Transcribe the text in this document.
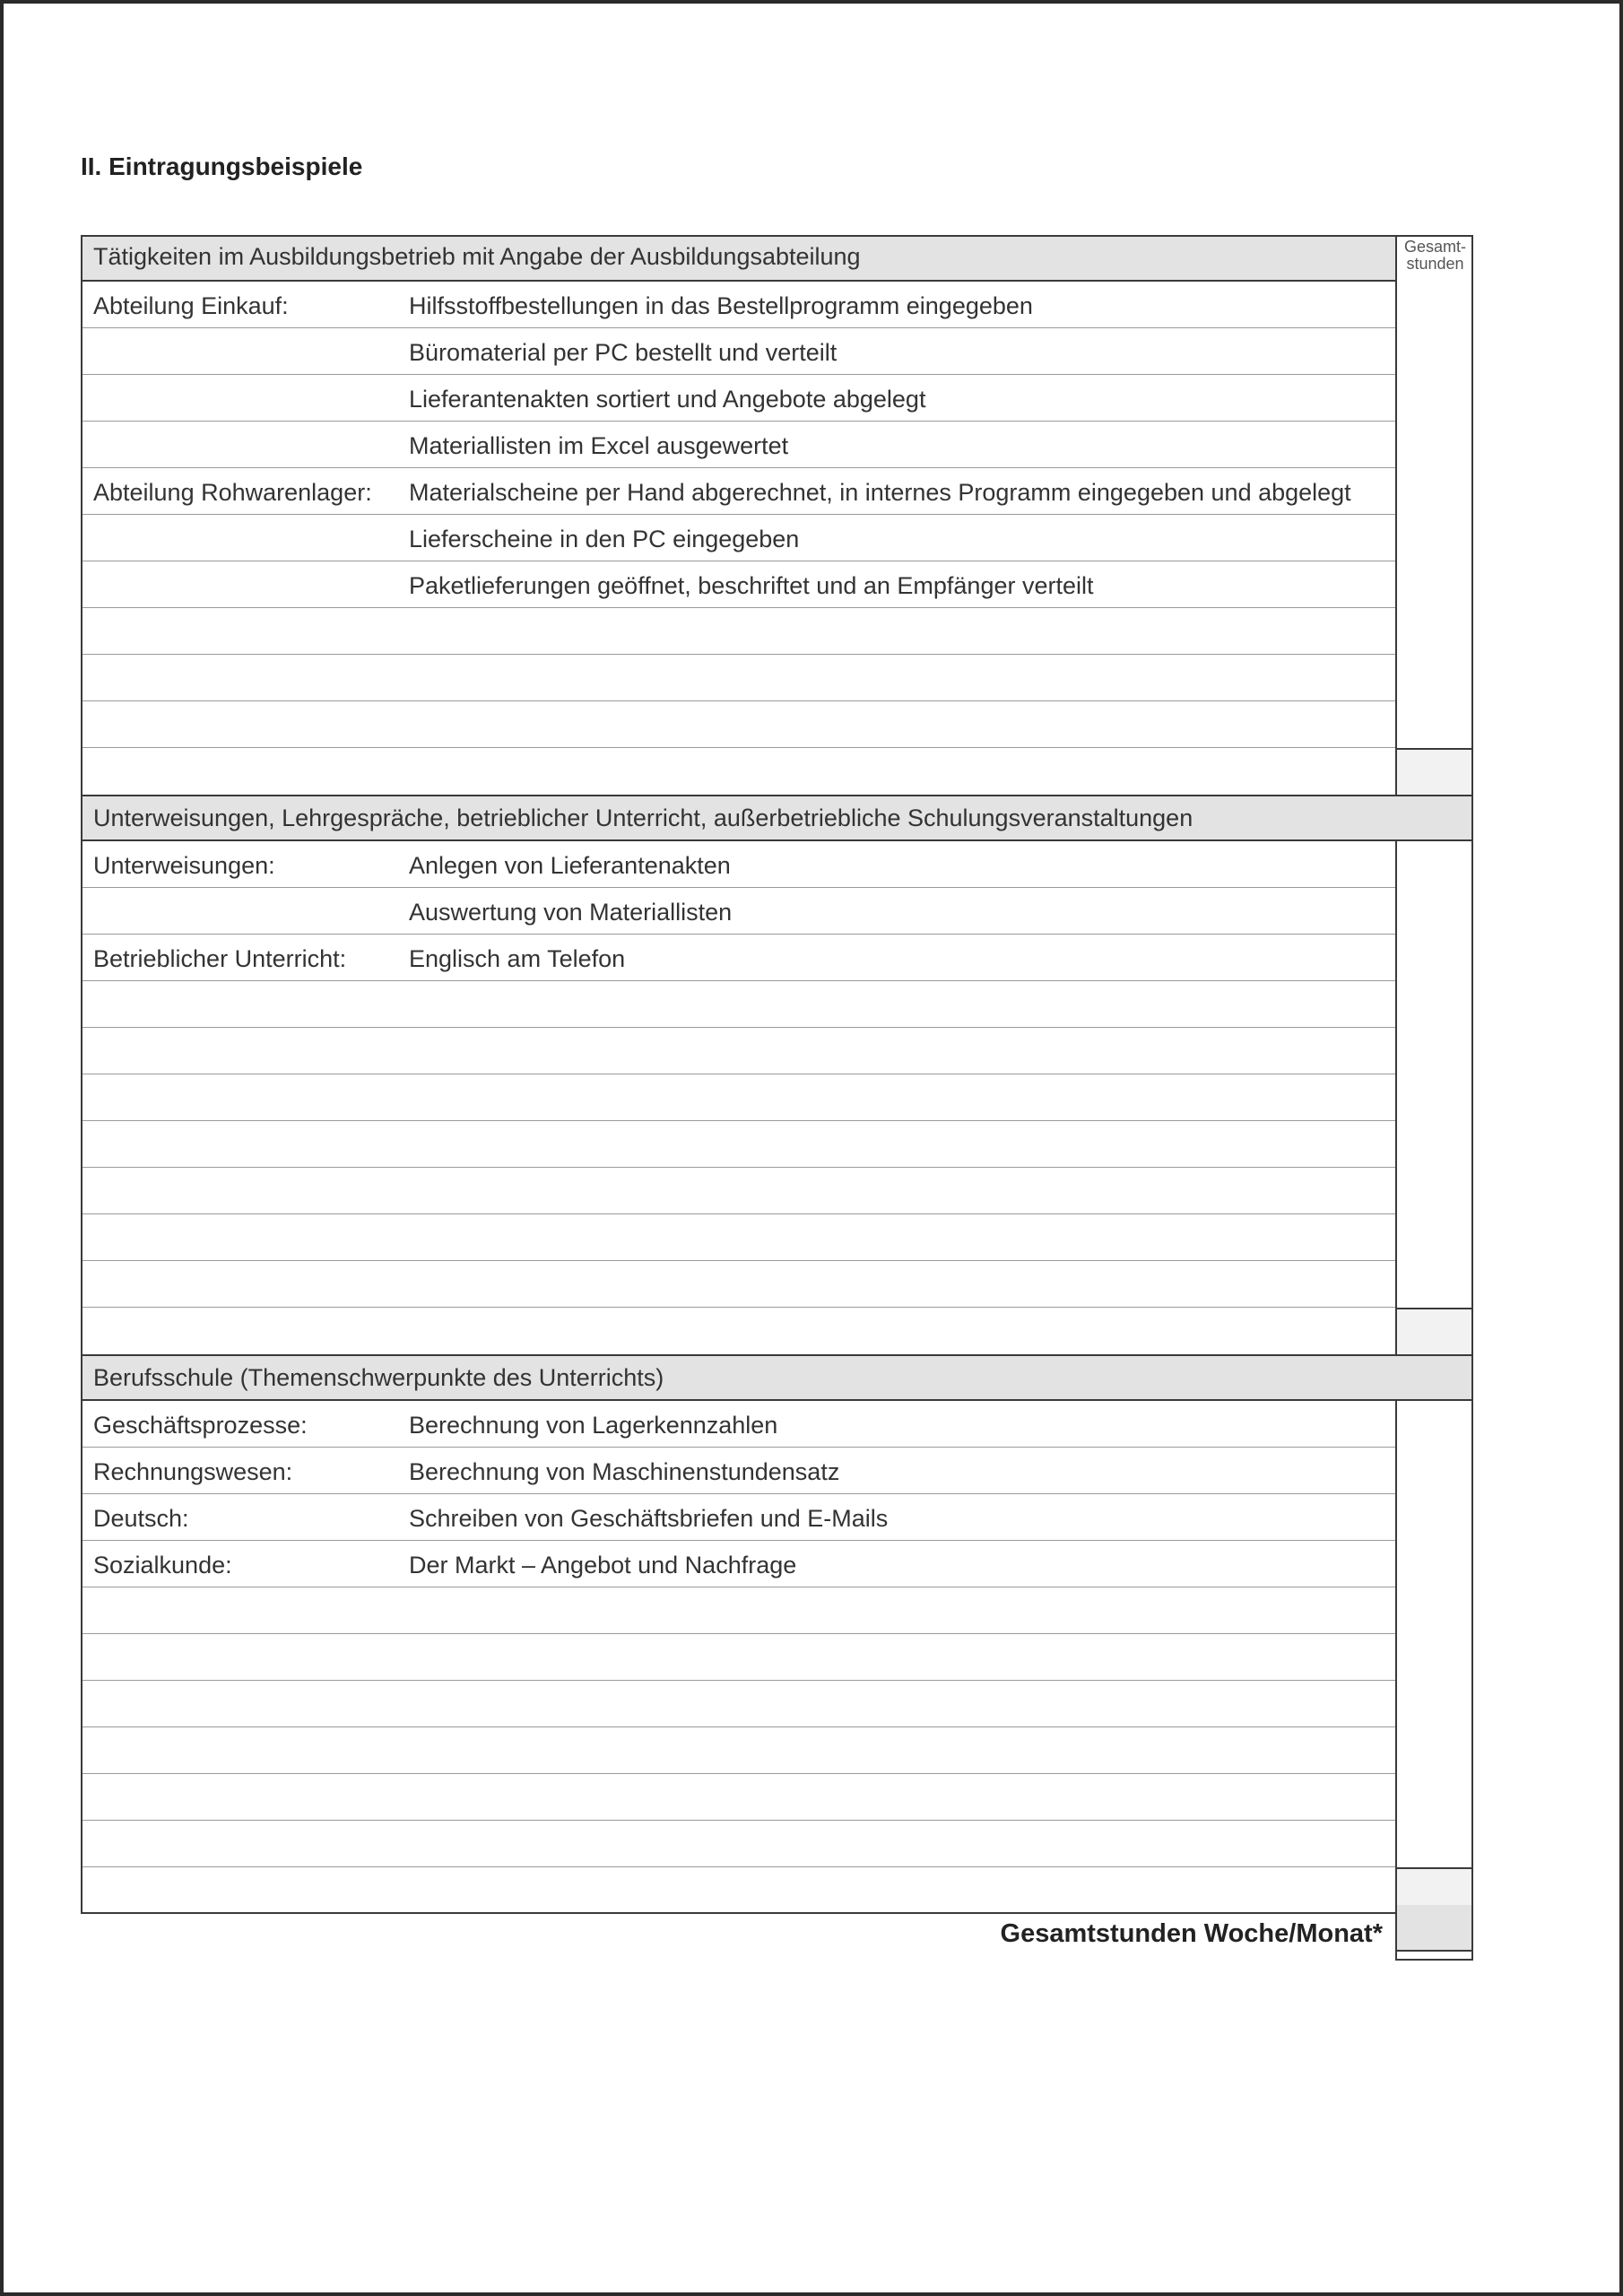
II. Eintragungsbeispiele
Tätigkeiten im Ausbildungsbetrieb mit Angabe der Ausbildungsabteilung	Gesamt-
stunden
Abteilung Einkauf:	Hilfsstoffbestellungen in das Bestellprogramm eingegeben
Büromaterial per PC bestellt und verteilt
Lieferantenakten sortiert und Angebote abgelegt
Materiallisten im Excel ausgewertet
Abteilung Rohwarenlager: Materialscheine per Hand abgerechnet, in internes Programm eingegeben und abgelegt
Lieferscheine in den PC eingegeben
Paketlieferungen geöffnet, beschriftet und an Empfänger verteilt
Unterweisungen, Lehrgespräche, betrieblicher Unterricht, außerbetriebliche Schulungsveranstaltungen
Unterweisungen:	Anlegen von Lieferantenakten
Auswertung von Materiallisten
Betrieblicher Unterricht:	Englisch am Telefon
Berufsschule (Themenschwerpunkte des Unterrichts)
Geschäftsprozesse:	Berechnung von Lagerkennzahlen
Rechnungswesen:	Berechnung von Maschinenstundensatz
Deutsch:	Schreiben von Geschäftsbriefen und E-Mails
Sozialkunde:	Der Markt – Angebot und Nachfrage
Gesamtstunden Woche/Monat*
